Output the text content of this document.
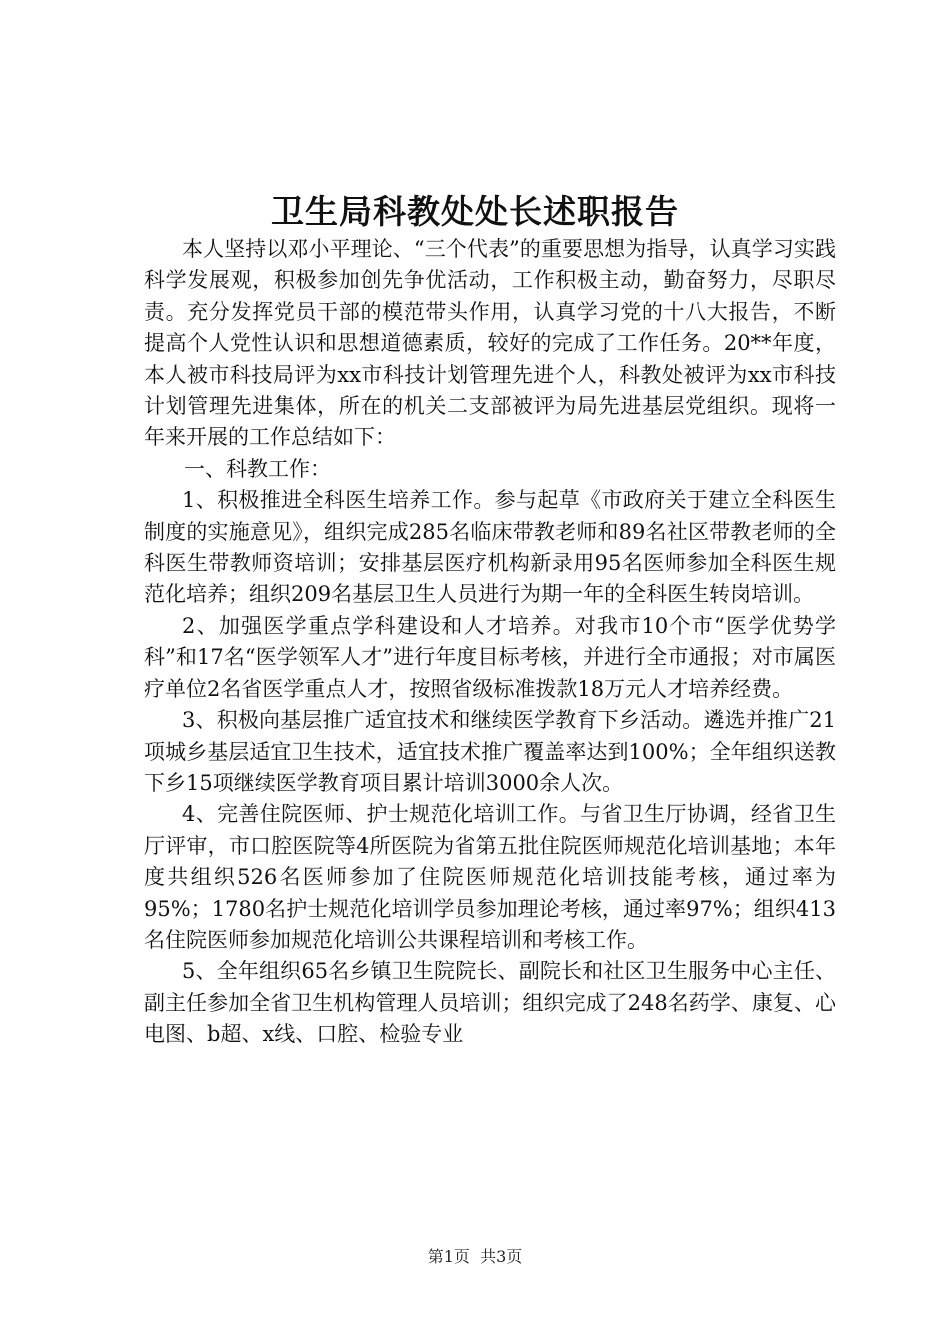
卫生局科教处处长述职报告

本人坚持以邓小平理论、“三个代表”的重要思想为指导，认真学习实践科学发展观，积极参加创先争优活动，工作积极主动，勤奋努力，尽职尽责。充分发挥党员干部的模范带头作用，认真学习党的十八大报告，不断提高个人党性认识和思想道德素质，较好的完成了工作任务。20**年度，本人被市科技局评为xx市科技计划管理先进个人，科教处被评为xx市科技计划管理先进集体，所在的机关二支部被评为局先进基层党组织。现将一年来开展的工作总结如下：

一、科教工作：

1、积极推进全科医生培养工作。参与起草《市政府关于建立全科医生制度的实施意见》，组织完成285名临床带教老师和89名社区带教老师的全科医生带教师资培训；安排基层医疗机构新录用95名医师参加全科医生规范化培养；组织209名基层卫生人员进行为期一年的全科医生转岗培训。

2、加强医学重点学科建设和人才培养。对我市10个市“医学优势学科”和17名“医学领军人才”进行年度目标考核，并进行全市通报；对市属医疗单位2名省医学重点人才，按照省级标准拨款18万元人才培养经费。

3、积极向基层推广适宜技术和继续医学教育下乡活动。遴选并推广21项城乡基层适宜卫生技术，适宜技术推广覆盖率达到100%；全年组织送教下乡15项继续医学教育项目累计培训3000余人次。

4、完善住院医师、护士规范化培训工作。与省卫生厅协调，经省卫生厅评审，市口腔医院等4所医院为省第五批住院医师规范化培训基地；本年度共组织526名医师参加了住院医师规范化培训技能考核，通过率为95%；1780名护士规范化培训学员参加理论考核，通过率97%；组织413名住院医师参加规范化培训公共课程培训和考核工作。

5、全年组织65名乡镇卫生院院长、副院长和社区卫生服务中心主任、副主任参加全省卫生机构管理人员培训；组织完成了248名药学、康复、心电图、b超、x线、口腔、检验专业

第1页 共3页
